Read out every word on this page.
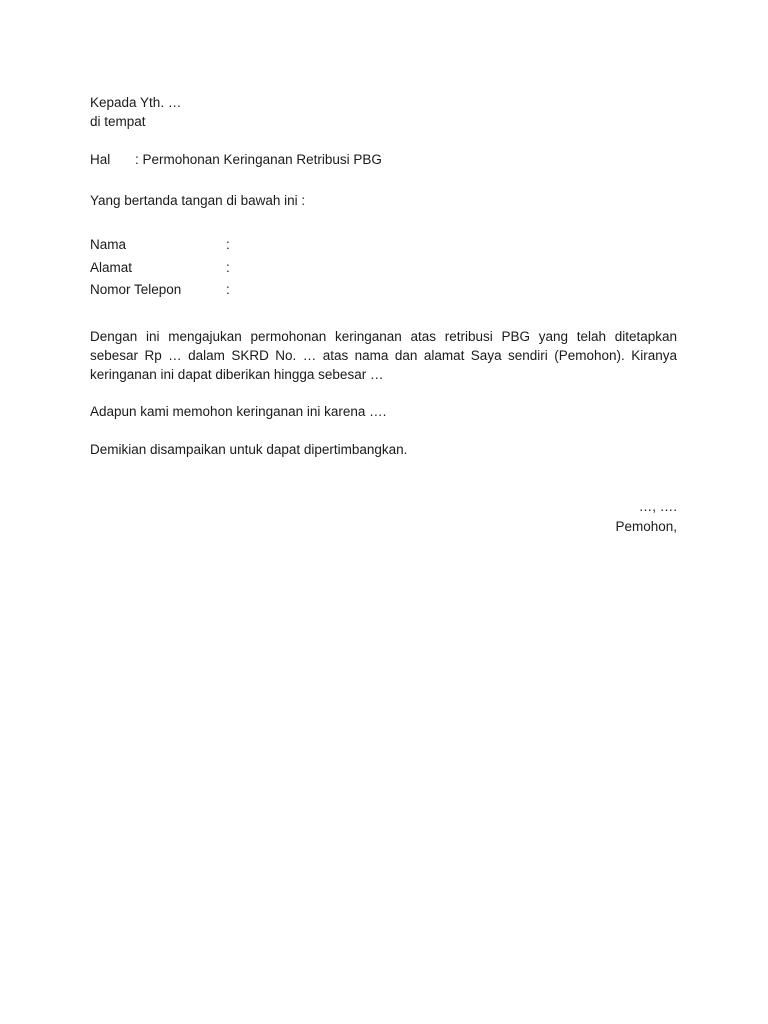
Kepada Yth. …
di tempat
Hal : Permohonan Keringanan Retribusi PBG
Yang bertanda tangan di bawah ini :
Nama	:
Alamat	:
Nomor Telepon	:
Dengan ini mengajukan permohonan keringanan atas retribusi PBG yang telah ditetapkan sebesar Rp … dalam SKRD No. … atas nama dan alamat Saya sendiri (Pemohon). Kiranya keringanan ini dapat diberikan hingga sebesar …
Adapun kami memohon keringanan ini karena ….
Demikian disampaikan untuk dapat dipertimbangkan.
…, ….
Pemohon,
